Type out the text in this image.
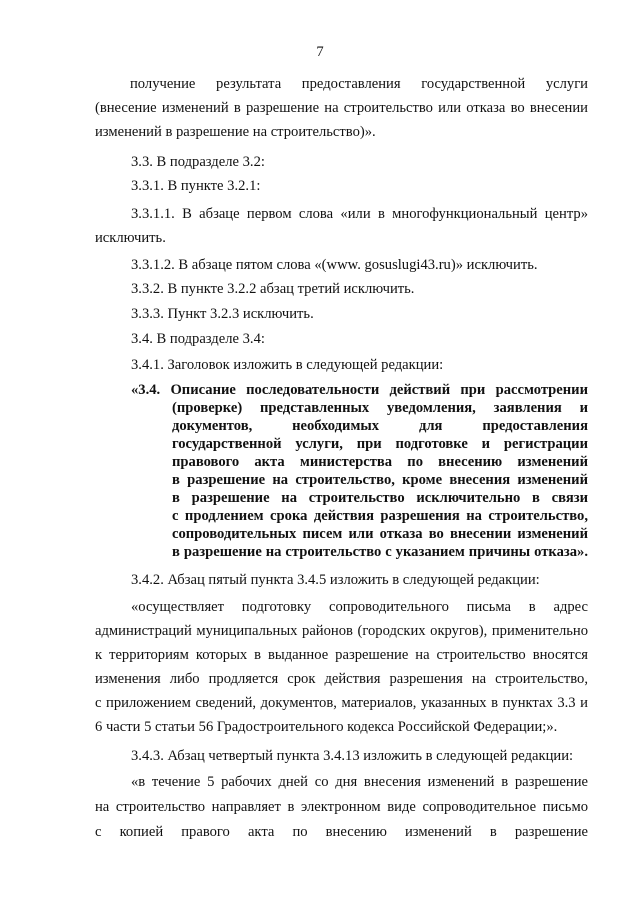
7
получение результата предоставления государственной услуги
(внесение изменений в разрешение на строительство или отказа во внесении
изменений в разрешение на строительство)».
3.3. В подразделе 3.2:
3.3.1. В пункте 3.2.1:
3.3.1.1. В абзаце первом слова «или в многофункциональный центр»
исключить.
3.3.1.2. В абзаце пятом слова «(www. gosuslugi43.ru)» исключить.
3.3.2. В пункте 3.2.2 абзац третий исключить.
3.3.3. Пункт 3.2.3 исключить.
3.4. В подразделе 3.4:
3.4.1. Заголовок изложить в следующей редакции:
«3.4. Описание последовательности действий при рассмотрении
(проверке) представленных уведомления, заявления и
документов, необходимых для предоставления
государственной услуги, при подготовке и регистрации
правового акта министерства по внесению изменений
в разрешение на строительство, кроме внесения изменений
в разрешение на строительство исключительно в связи
с продлением срока действия разрешения на строительство,
сопроводительных писем или отказа во внесении изменений
в разрешение на строительство с указанием причины отказа».
3.4.2. Абзац пятый пункта 3.4.5 изложить в следующей редакции:
«осуществляет подготовку сопроводительного письма в адрес
администраций муниципальных районов (городских округов), применительно
к территориям которых в выданное разрешение на строительство вносятся
изменения либо продляется срок действия разрешения на строительство,
с приложением сведений, документов, материалов, указанных в пунктах 3.3 и
6 части 5 статьи 56 Градостроительного кодекса Российской Федерации;».
3.4.3. Абзац четвертый пункта 3.4.13 изложить в следующей редакции:
«в течение 5 рабочих дней со дня внесения изменений в разрешение
на строительство направляет в электронном виде сопроводительное письмо
с копией правого акта по внесению изменений в разрешение
